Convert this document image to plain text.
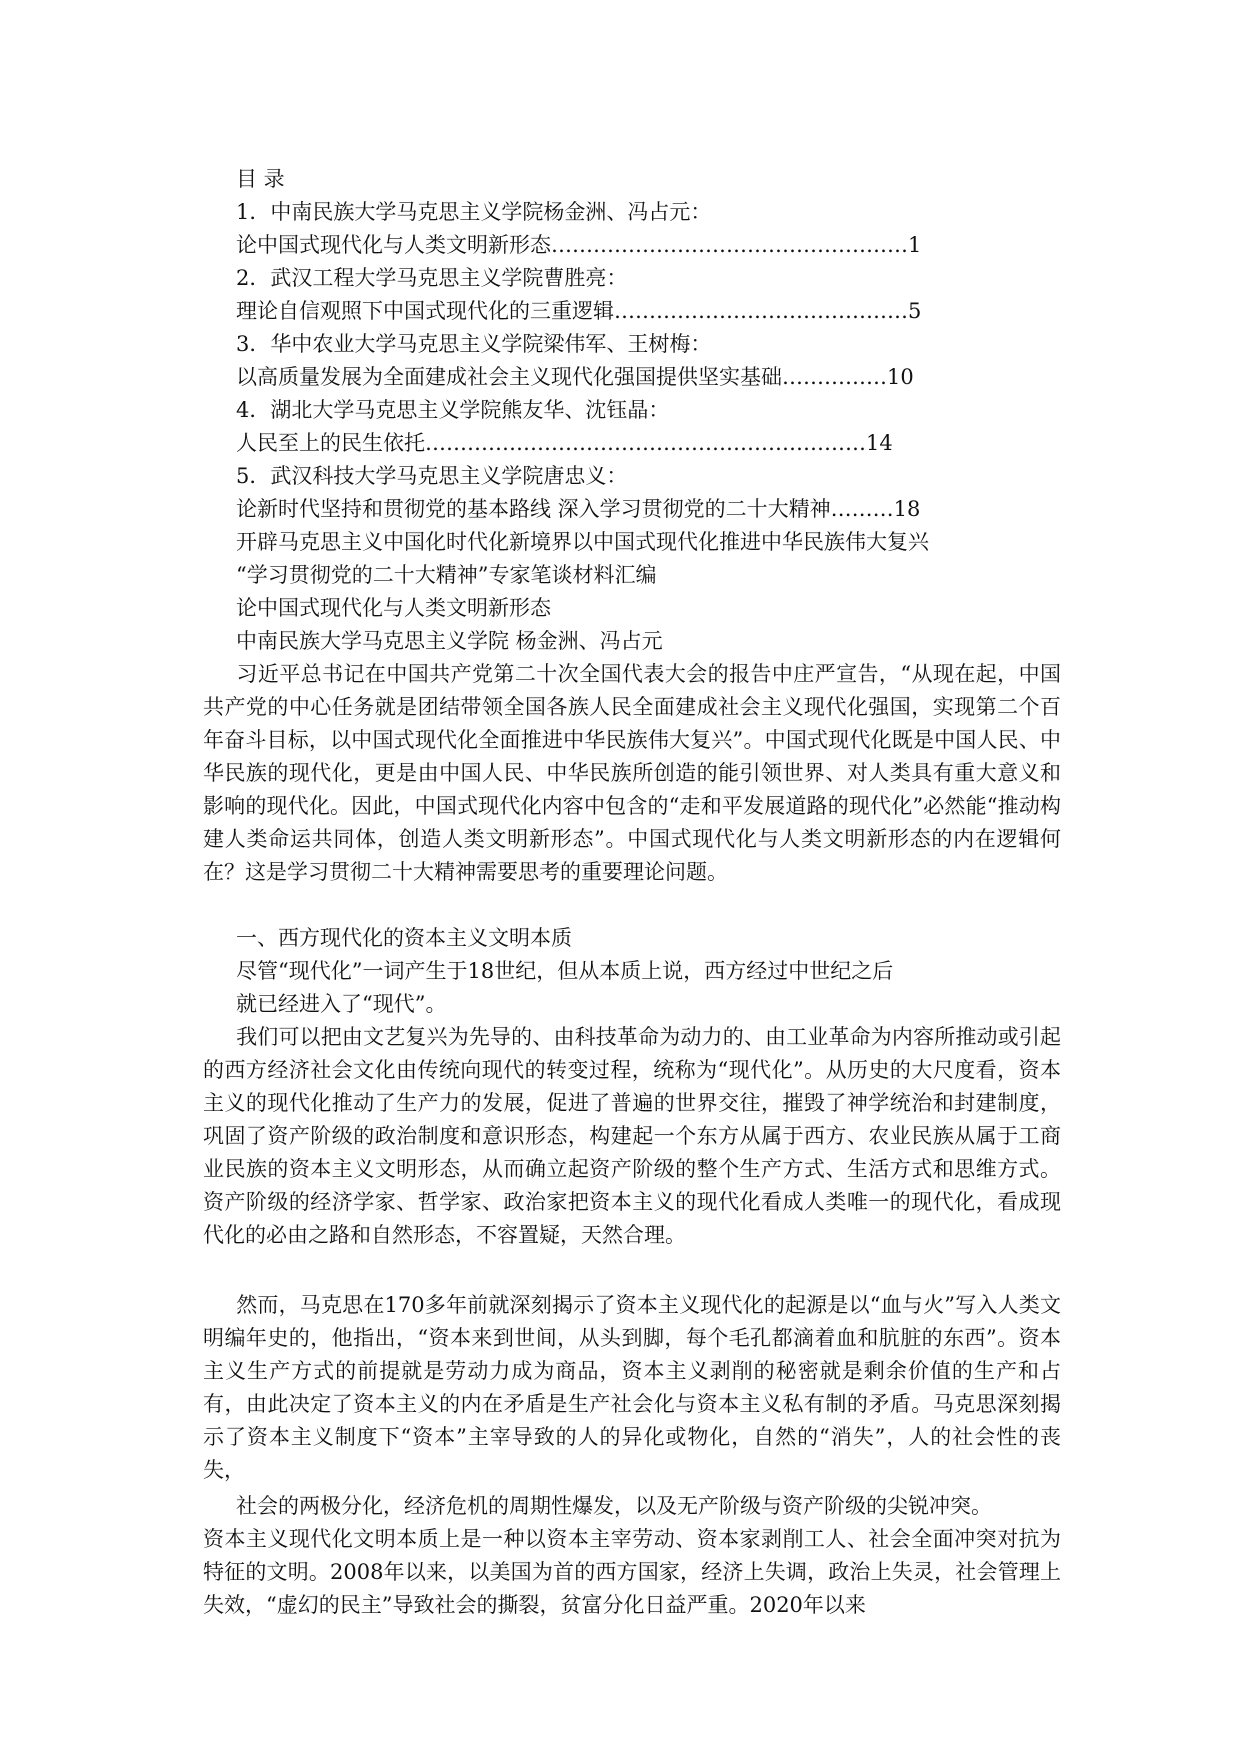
目 录
1．中南民族大学马克思主义学院杨金洲、冯占元：
论中国式现代化与人类文明新形态……………………………………………1
2．武汉工程大学马克思主义学院曹胜亮：
理论自信观照下中国式现代化的三重逻辑……………………………………5
3．华中农业大学马克思主义学院梁伟军、王树梅：
以高质量发展为全面建成社会主义现代化强国提供坚实基础……………10
4．湖北大学马克思主义学院熊友华、沈钰晶：
人民至上的民生依托………………………………………………………14
5．武汉科技大学马克思主义学院唐忠义：
论新时代坚持和贯彻党的基本路线 深入学习贯彻党的二十大精神………18
开辟马克思主义中国化时代化新境界以中国式现代化推进中华民族伟大复兴
“学习贯彻党的二十大精神”专家笔谈材料汇编
论中国式现代化与人类文明新形态
中南民族大学马克思主义学院 杨金洲、冯占元
习近平总书记在中国共产党第二十次全国代表大会的报告中庄严宣告，“从现在起，中国共产党的中心任务就是团结带领全国各族人民全面建成社会主义现代化强国，实现第二个百年奋斗目标，以中国式现代化全面推进中华民族伟大复兴”。中国式现代化既是中国人民、中华民族的现代化，更是由中国人民、中华民族所创造的能引领世界、对人类具有重大意义和影响的现代化。因此，中国式现代化内容中包含的“走和平发展道路的现代化”必然能“推动构建人类命运共同体，创造人类文明新形态”。中国式现代化与人类文明新形态的内在逻辑何在？这是学习贯彻二十大精神需要思考的重要理论问题。
一、西方现代化的资本主义文明本质
尽管“现代化”一词产生于18世纪，但从本质上说，西方经过中世纪之后
就已经进入了“现代”。
我们可以把由文艺复兴为先导的、由科技革命为动力的、由工业革命为内容所推动或引起的西方经济社会文化由传统向现代的转变过程，统称为“现代化”。从历史的大尺度看，资本主义的现代化推动了生产力的发展，促进了普遍的世界交往，摧毁了神学统治和封建制度，巩固了资产阶级的政治制度和意识形态，构建起一个东方从属于西方、农业民族从属于工商业民族的资本主义文明形态，从而确立起资产阶级的整个生产方式、生活方式和思维方式。资产阶级的经济学家、哲学家、政治家把资本主义的现代化看成人类唯一的现代化，看成现代化的必由之路和自然形态，不容置疑，天然合理。
然而，马克思在170多年前就深刻揭示了资本主义现代化的起源是以“血与火”写入人类文明编年史的，他指出，“资本来到世间，从头到脚，每个毛孔都滴着血和肮脏的东西”。资本主义生产方式的前提就是劳动力成为商品，资本主义剥削的秘密就是剩余价值的生产和占有，由此决定了资本主义的内在矛盾是生产社会化与资本主义私有制的矛盾。马克思深刻揭示了资本主义制度下“资本”主宰导致的人的异化或物化，自然的“消失”，人的社会性的丧失，
社会的两极分化，经济危机的周期性爆发，以及无产阶级与资产阶级的尖锐冲突。
资本主义现代化文明本质上是一种以资本主宰劳动、资本家剥削工人、社会全面冲突对抗为特征的文明。2008年以来，以美国为首的西方国家，经济上失调，政治上失灵，社会管理上失效，“虚幻的民主”导致社会的撕裂，贫富分化日益严重。2020年以来
